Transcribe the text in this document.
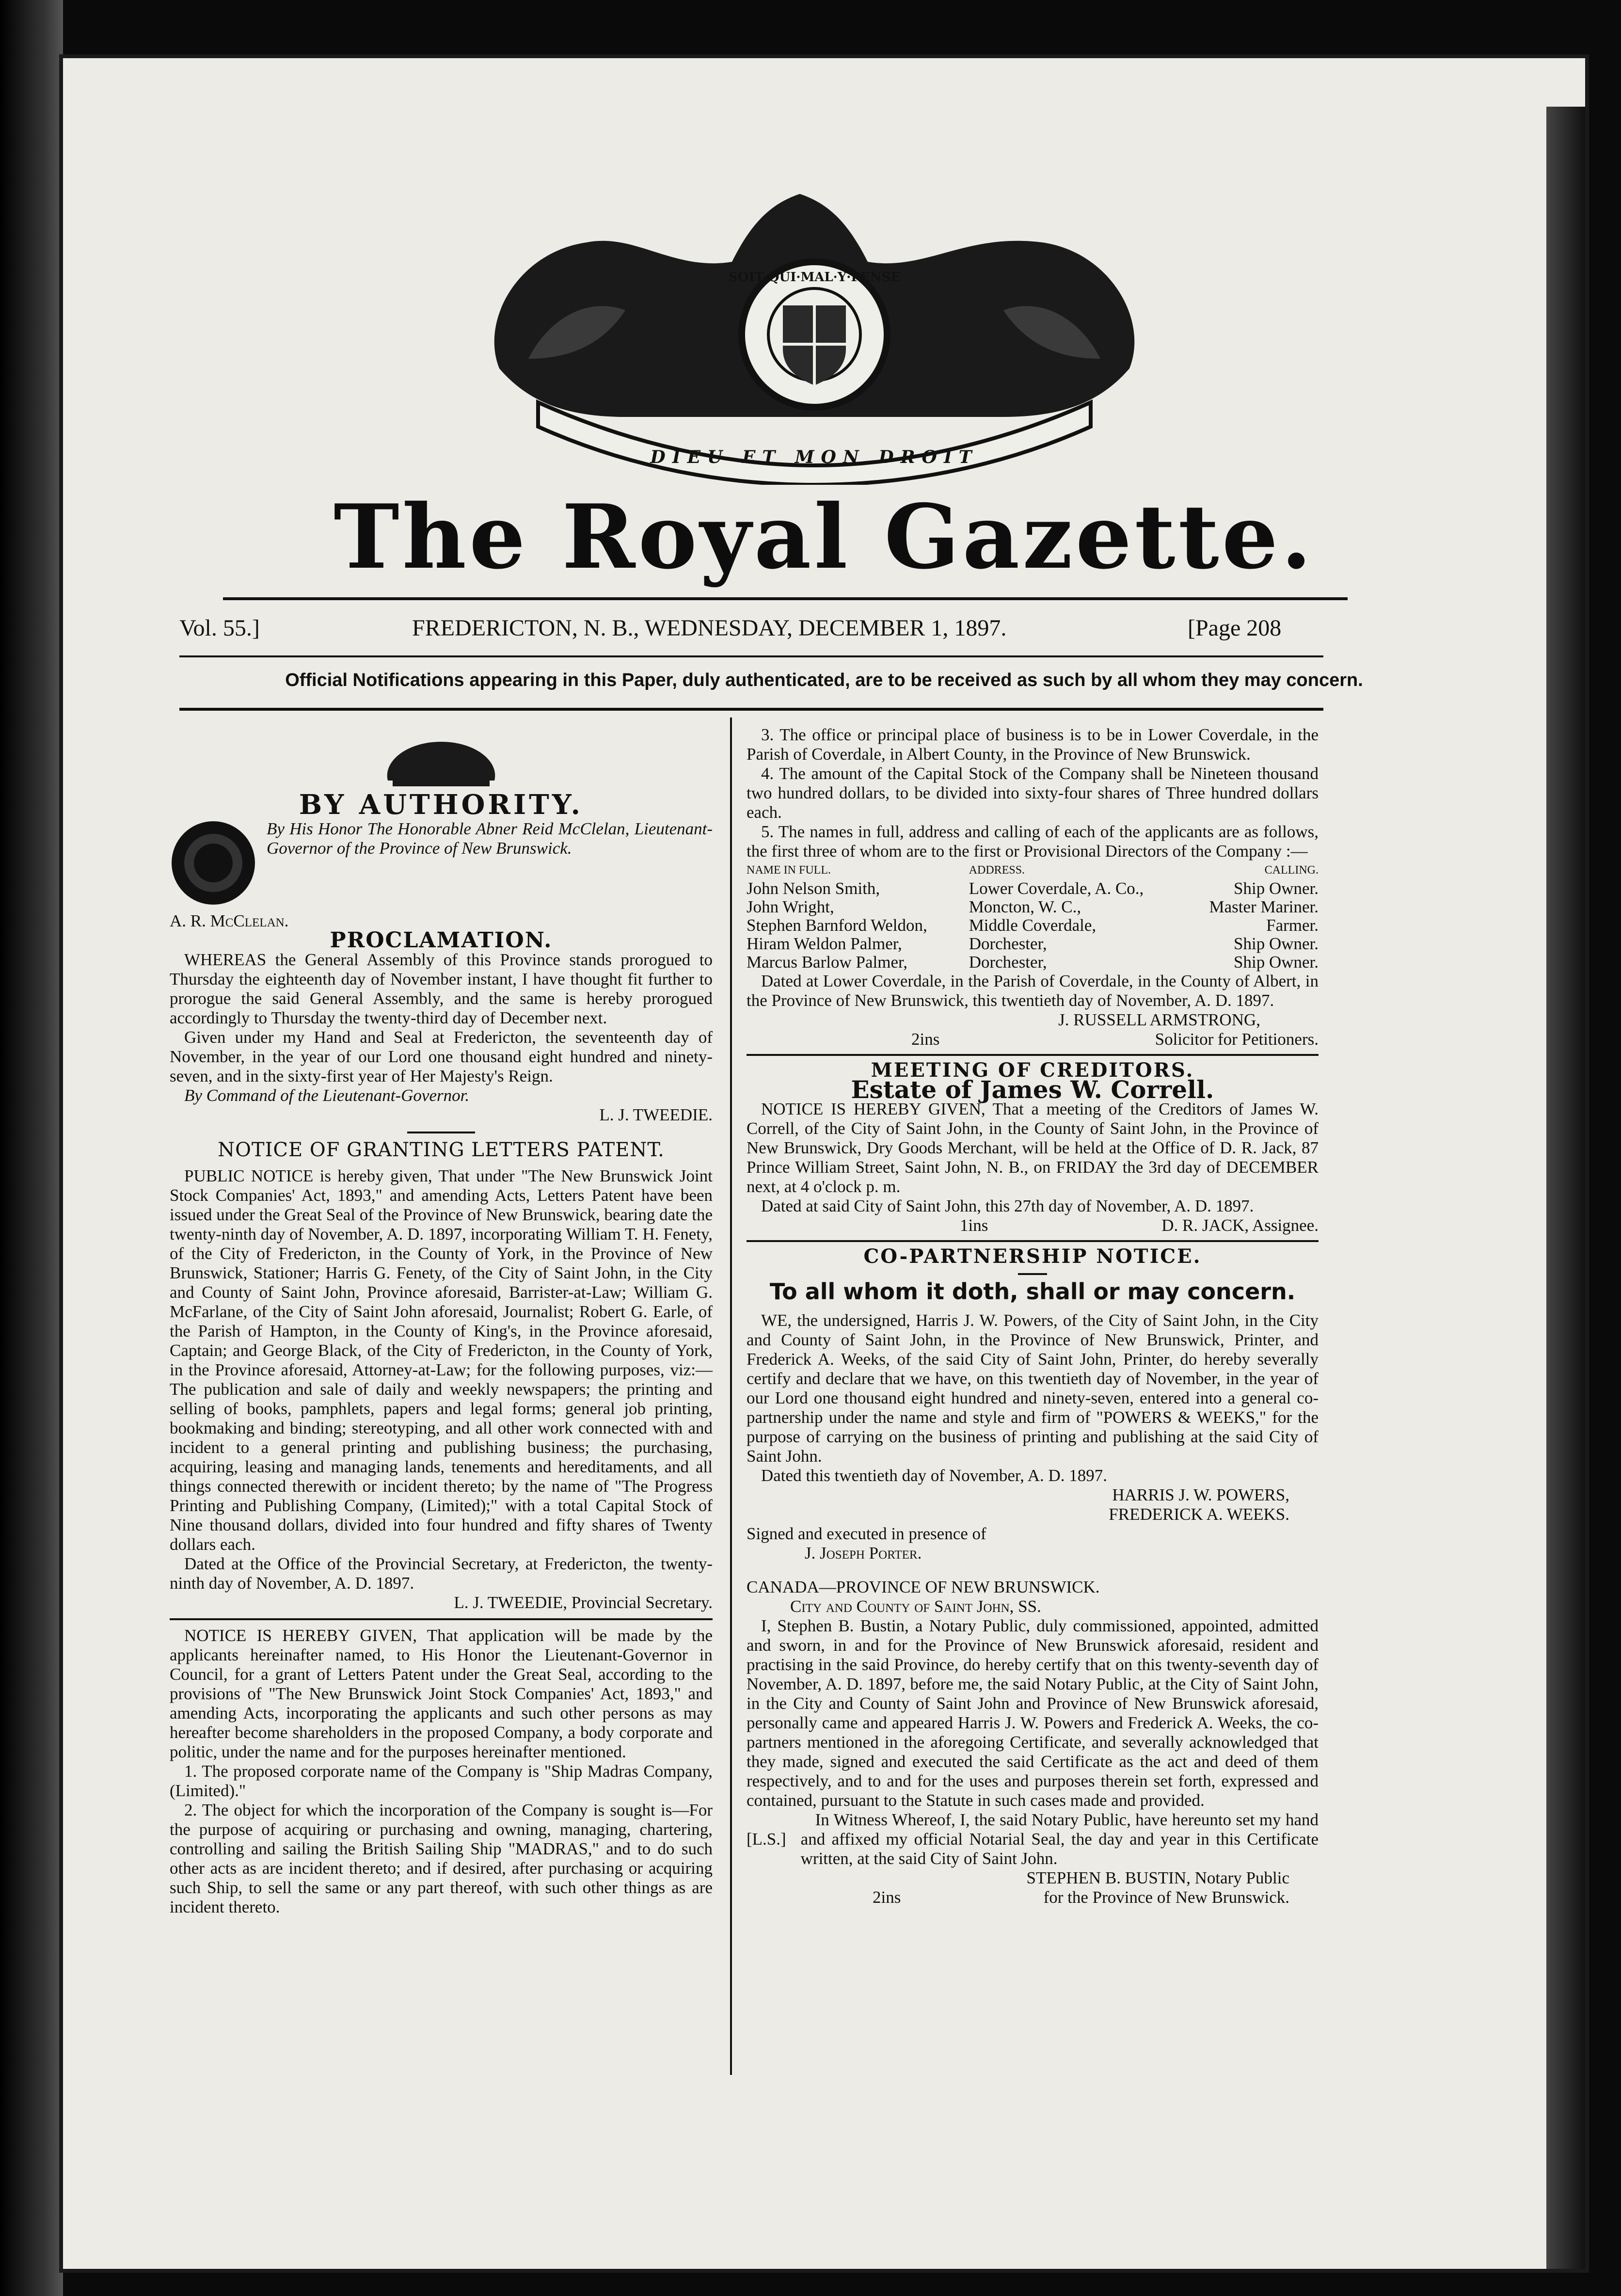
SOIT·QUI·MAL·Y·PENSE
DIEU ET MON DROIT
The Royal Gazette.
Vol. 55.]	FREDERICTON, N. B., WEDNESDAY, DECEMBER 1, 1897.	[Page 208
Official Notifications appearing in this Paper, duly authenticated, are to be received as such by all whom they may concern.
BY AUTHORITY.

By His Honor The Honorable Abner Reid McClelan, Lieutenant-Governor of the Province of New Brunswick.

A. R. McClelan.

PROCLAMATION.

WHEREAS the General Assembly of this Province stands prorogued to Thursday the eighteenth day of November instant, I have thought fit further to prorogue the said General Assembly, and the same is hereby prorogued accordingly to Thursday the twenty-third day of December next.

Given under my Hand and Seal at Fredericton, the seventeenth day of November, in the year of our Lord one thousand eight hundred and ninety-seven, and in the sixty-first year of Her Majesty's Reign.

By Command of the Lieutenant-Governor.

L. J. TWEEDIE.

NOTICE OF GRANTING LETTERS PATENT.

PUBLIC NOTICE is hereby given, That under "The New Brunswick Joint Stock Companies' Act, 1893," and amending Acts, Letters Patent have been issued under the Great Seal of the Province of New Brunswick, bearing date the twenty-ninth day of November, A. D. 1897, incorporating William T. H. Fenety, of the City of Fredericton, in the County of York, in the Province of New Brunswick, Stationer; Harris G. Fenety, of the City of Saint John, in the City and County of Saint John, Province aforesaid, Barrister-at-Law; William G. McFarlane, of the City of Saint John aforesaid, Journalist; Robert G. Earle, of the Parish of Hampton, in the County of King's, in the Province aforesaid, Captain; and George Black, of the City of Fredericton, in the County of York, in the Province aforesaid, Attorney-at-Law; for the following purposes, viz:—The publication and sale of daily and weekly newspapers; the printing and selling of books, pamphlets, papers and legal forms; general job printing, bookmaking and binding; stereotyping, and all other work connected with and incident to a general printing and publishing business; the purchasing, acquiring, leasing and managing lands, tenements and hereditaments, and all things connected therewith or incident thereto; by the name of "The Progress Printing and Publishing Company, (Limited);" with a total Capital Stock of Nine thousand dollars, divided into four hundred and fifty shares of Twenty dollars each.

Dated at the Office of the Provincial Secretary, at Fredericton, the twenty-ninth day of November, A. D. 1897.

L. J. TWEEDIE, Provincial Secretary.

NOTICE IS HEREBY GIVEN, That application will be made by the applicants hereinafter named, to His Honor the Lieutenant-Governor in Council, for a grant of Letters Patent under the Great Seal, according to the provisions of "The New Brunswick Joint Stock Companies' Act, 1893," and amending Acts, incorporating the applicants and such other persons as may hereafter become shareholders in the proposed Company, a body corporate and politic, under the name and for the purposes hereinafter mentioned.

1. The proposed corporate name of the Company is "Ship Madras Company, (Limited)."

2. The object for which the incorporation of the Company is sought is—For the purpose of acquiring or purchasing and owning, managing, chartering, controlling and sailing the British Sailing Ship "MADRAS," and to do such other acts as are incident thereto; and if desired, after purchasing or acquiring such Ship, to sell the same or any part thereof, with such other things as are incident thereto.

3. The office or principal place of business is to be in Lower Coverdale, in the Parish of Coverdale, in Albert County, in the Province of New Brunswick.

4. The amount of the Capital Stock of the Company shall be Nineteen thousand two hundred dollars, to be divided into sixty-four shares of Three hundred dollars each.

5. The names in full, address and calling of each of the applicants are as follows, the first three of whom are to the first or Provisional Directors of the Company :—

NAME IN FULL.	ADDRESS.	CALLING.
John Nelson Smith,	Lower Coverdale, A. Co.,	Ship Owner.
John Wright,	Moncton, W. C.,	Master Mariner.
Stephen Barnford Weldon,	Middle Coverdale,	Farmer.
Hiram Weldon Palmer,	Dorchester,	Ship Owner.
Marcus Barlow Palmer,	Dorchester,	Ship Owner.

Dated at Lower Coverdale, in the Parish of Coverdale, in the County of Albert, in the Province of New Brunswick, this twentieth day of November, A. D. 1897.

J. RUSSELL ARMSTRONG,

2ins	Solicitor for Petitioners.
MEETING OF CREDITORS.
Estate of James W. Correll.

NOTICE IS HEREBY GIVEN, That a meeting of the Creditors of James W. Correll, of the City of Saint John, in the County of Saint John, in the Province of New Brunswick, Dry Goods Merchant, will be held at the Office of D. R. Jack, 87 Prince William Street, Saint John, N. B., on FRIDAY the 3rd day of DECEMBER next, at 4 o'clock p. m.

Dated at said City of Saint John, this 27th day of November, A. D. 1897.

1ins	D. R. JACK, Assignee.
CO-PARTNERSHIP NOTICE.
To all whom it doth, shall or may concern.

WE, the undersigned, Harris J. W. Powers, of the City of Saint John, in the City and County of Saint John, in the Province of New Brunswick, Printer, and Frederick A. Weeks, of the said City of Saint John, Printer, do hereby severally certify and declare that we have, on this twentieth day of November, in the year of our Lord one thousand eight hundred and ninety-seven, entered into a general co-partnership under the name and style and firm of "POWERS & WEEKS," for the purpose of carrying on the business of printing and publishing at the said City of Saint John.

Dated this twentieth day of November, A. D. 1897.

HARRIS J. W. POWERS,

FREDERICK A. WEEKS.

Signed and executed in presence of

J. Joseph Porter.

CANADA—PROVINCE OF NEW BRUNSWICK.

City and County of Saint John, SS.

I, Stephen B. Bustin, a Notary Public, duly commissioned, appointed, admitted and sworn, in and for the Province of New Brunswick aforesaid, resident and practising in the said Province, do hereby certify that on this twenty-seventh day of November, A. D. 1897, before me, the said Notary Public, at the City of Saint John, in the City and County of Saint John and Province of New Brunswick aforesaid, personally came and appeared Harris J. W. Powers and Frederick A. Weeks, the co-partners mentioned in the aforegoing Certificate, and severally acknowledged that they made, signed and executed the said Certificate as the act and deed of them respectively, and to and for the uses and purposes therein set forth, expressed and contained, pursuant to the Statute in such cases made and provided.

[L.S.]

In Witness Whereof, I, the said Notary Public, have hereunto set my hand and affixed my official Notarial Seal, the day and year in this Certificate written, at the said City of Saint John.

STEPHEN B. BUSTIN, Notary Public

2ins	for the Province of New Brunswick.
